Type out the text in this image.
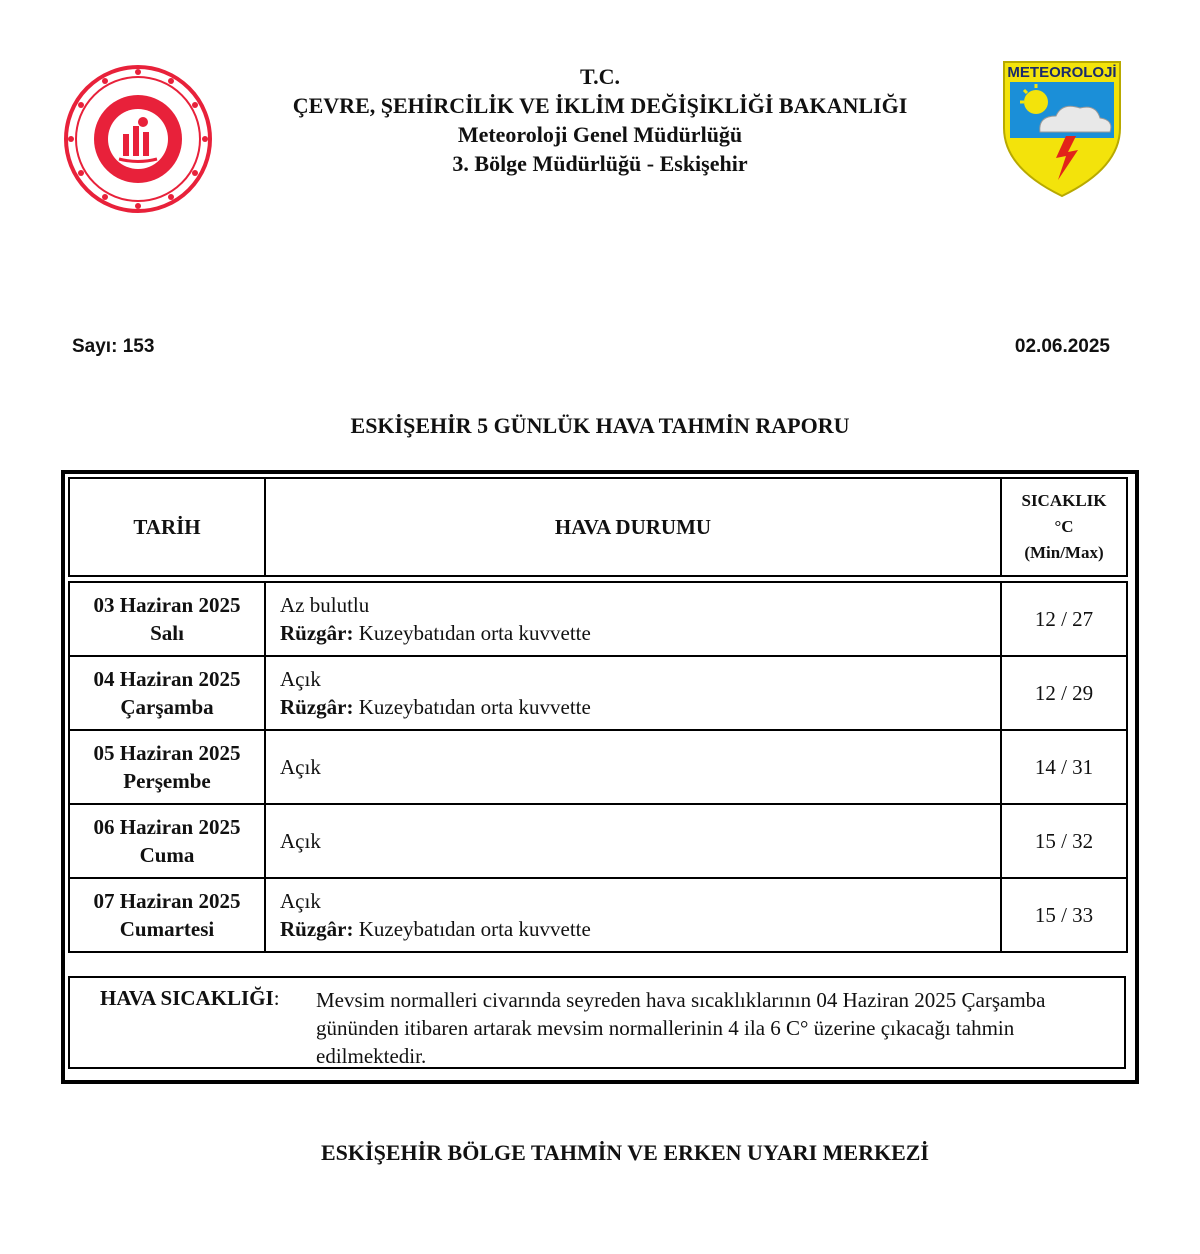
METEOROLOJİ
T.C.
ÇEVRE, ŞEHİRCİLİK VE İKLİM DEĞİŞİKLİĞİ BAKANLIĞI
Meteoroloji Genel Müdürlüğü
3. Bölge Müdürlüğü - Eskişehir
Sayı: 153	02.06.2025
ESKİŞEHİR 5 GÜNLÜK HAVA TAHMİN RAPORU
TARİH	HAVA DURUMU	SICAKLIK
°C
(Min/Max)

03 Haziran 2025
Salı	Az bulutlu
Rüzgâr: Kuzeybatıdan orta kuvvette	12 / 27
04 Haziran 2025
Çarşamba	Açık
Rüzgâr: Kuzeybatıdan orta kuvvette	12 / 29
05 Haziran 2025
Perşembe	Açık	14 / 31
06 Haziran 2025
Cuma	Açık	15 / 32
07 Haziran 2025
Cumartesi	Açık
Rüzgâr: Kuzeybatıdan orta kuvvette	15 / 33
HAVA SICAKLIĞI: Mevsim normalleri civarında seyreden hava sıcaklıklarının 04 Haziran 2025 Çarşamba gününden itibaren artarak mevsim normallerinin 4 ila 6 C° üzerine çıkacağı tahmin edilmektedir.
ESKİŞEHİR BÖLGE TAHMİN VE ERKEN UYARI MERKEZİ
